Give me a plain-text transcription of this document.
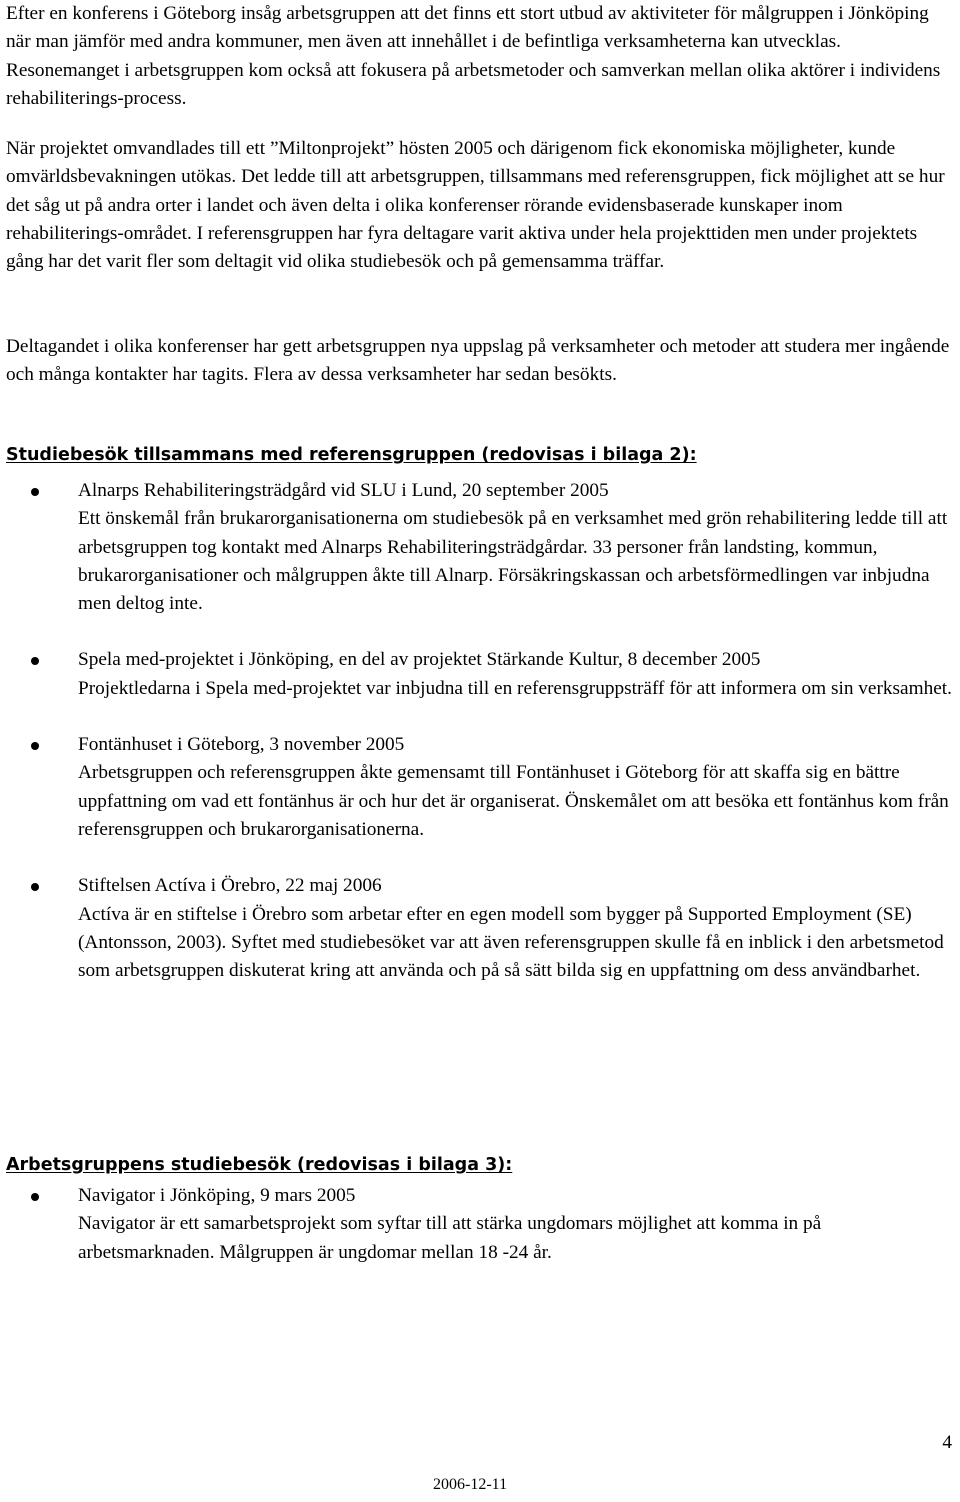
Efter en konferens i Göteborg insåg arbetsgruppen att det finns ett stort utbud av aktiviteter för målgruppen i Jönköping när man jämför med andra kommuner, men även att innehållet i de befintliga verksamheterna kan utvecklas. Resonemanget i arbetsgruppen kom också att fokusera på arbetsmetoder och samverkan mellan olika aktörer i individens rehabiliterings-process.

När projektet omvandlades till ett ”Miltonprojekt” hösten 2005 och därigenom fick ekonomiska möjligheter, kunde omvärldsbevakningen utökas. Det ledde till att arbetsgruppen, tillsammans med referensgruppen, fick möjlighet att se hur det såg ut på andra orter i landet och även delta i olika konferenser rörande evidensbaserade kunskaper inom rehabiliterings-området. I referensgruppen har fyra deltagare varit aktiva under hela projekttiden men under projektets gång har det varit fler som deltagit vid olika studiebesök och på gemensamma träffar.

Deltagandet i olika konferenser har gett arbetsgruppen nya uppslag på verksamheter och metoder att studera mer ingående och många kontakter har tagits. Flera av dessa verksamheter har sedan besökts.

Studiebesök tillsammans med referensgruppen (redovisas i bilaga 2):
Alnarps Rehabiliteringsträdgård vid SLU i Lund, 20 september 2005
Ett önskemål från brukarorganisationerna om studiebesök på en verksamhet med grön rehabilitering ledde till att arbetsgruppen tog kontakt med Alnarps Rehabiliteringsträdgårdar. 33 personer från landsting, kommun, brukarorganisationer och målgruppen åkte till Alnarp. Försäkringskassan och arbetsförmedlingen var inbjudna men deltog inte.
Spela med-projektet i Jönköping, en del av projektet Stärkande Kultur, 8 december 2005
Projektledarna i Spela med-projektet var inbjudna till en referensgruppsträff för att informera om sin verksamhet.
Fontänhuset i Göteborg, 3 november 2005
Arbetsgruppen och referensgruppen åkte gemensamt till Fontänhuset i Göteborg för att skaffa sig en bättre uppfattning om vad ett fontänhus är och hur det är organiserat. Önskemålet om att besöka ett fontänhus kom från referensgruppen och brukarorganisationerna.
Stiftelsen Actíva i Örebro, 22 maj 2006
Actíva är en stiftelse i Örebro som arbetar efter en egen modell som bygger på Supported Employment (SE) (Antonsson, 2003). Syftet med studiebesöket var att även referensgruppen skulle få en inblick i den arbetsmetod som arbetsgruppen diskuterat kring att använda och på så sätt bilda sig en uppfattning om dess användbarhet.
Arbetsgruppens studiebesök (redovisas i bilaga 3):
Navigator i Jönköping, 9 mars 2005
Navigator är ett samarbetsprojekt som syftar till att stärka ungdomars möjlighet att komma in på arbetsmarknaden. Målgruppen är ungdomar mellan 18 -24 år.
4
2006-12-11
